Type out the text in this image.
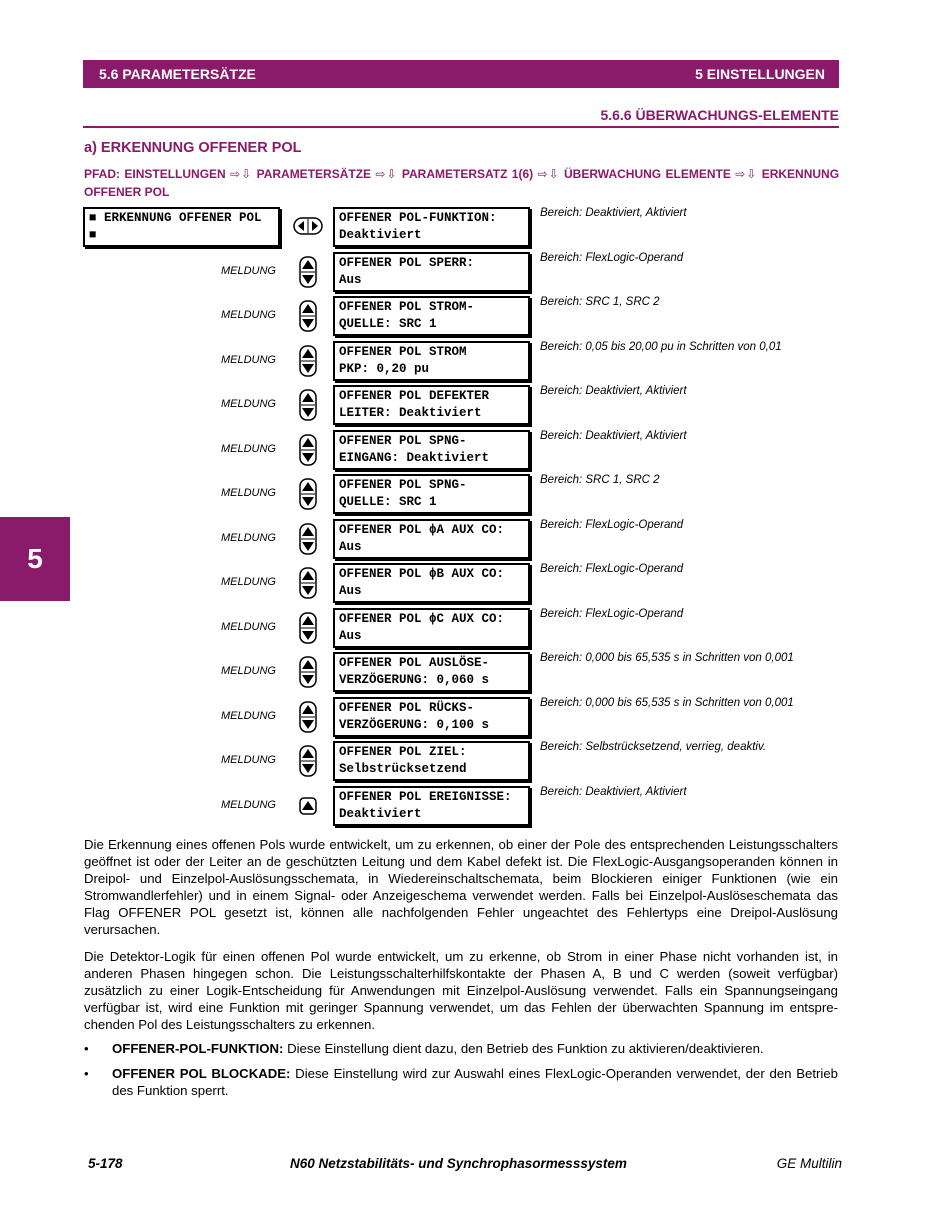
5.6 PARAMETERSÄTZE	5 EINSTELLUNGEN
5.6.6 ÜBERWACHUNGS-ELEMENTE
a) ERKENNUNG OFFENER POL
PFAD: EINSTELLUNGEN ⇨⇩ PARAMETERSÄTZE ⇨⇩ PARAMETERSATZ 1(6) ⇨⇩ ÜBERWACHUNG ELEMENTE ⇨⇩ ERKENNUNG OFFENER POL
5
■ ERKENNUNG OFFENER POL
■
OFFENER POL-FUNKTION:
Deaktiviert
Bereich: Deaktiviert, Aktiviert
MELDUNG
OFFENER POL SPERR:
Aus
Bereich: FlexLogic-Operand
MELDUNG
OFFENER POL STROM-
QUELLE: SRC 1
Bereich: SRC 1, SRC 2
MELDUNG
OFFENER POL STROM
PKP: 0,20 pu
Bereich: 0,05 bis 20,00 pu in Schritten von 0,01
MELDUNG
OFFENER POL DEFEKTER
LEITER: Deaktiviert
Bereich: Deaktiviert, Aktiviert
MELDUNG
OFFENER POL SPNG-
EINGANG: Deaktiviert
Bereich: Deaktiviert, Aktiviert
MELDUNG
OFFENER POL SPNG-
QUELLE: SRC 1
Bereich: SRC 1, SRC 2
MELDUNG
OFFENER POL ϕA AUX CO:
Aus
Bereich: FlexLogic-Operand
MELDUNG
OFFENER POL ϕB AUX CO:
Aus
Bereich: FlexLogic-Operand
MELDUNG
OFFENER POL ϕC AUX CO:
Aus
Bereich: FlexLogic-Operand
MELDUNG
OFFENER POL AUSLÖSE-
VERZÖGERUNG: 0,060 s
Bereich: 0,000 bis 65,535 s in Schritten von 0,001
MELDUNG
OFFENER POL RÜCKS-
VERZÖGERUNG: 0,100 s
Bereich: 0,000 bis 65,535 s in Schritten von 0,001
MELDUNG
OFFENER POL ZIEL:
Selbstrücksetzend
Bereich: Selbstrücksetzend, verrieg, deaktiv.
MELDUNG
OFFENER POL EREIGNISSE:
Deaktiviert
Bereich: Deaktiviert, Aktiviert
Die Erkennung eines offenen Pols wurde entwickelt, um zu erkennen, ob einer der Pole des entsprechenden Leistungsschalters geöffnet ist oder der Leiter an de geschützten Leitung und dem Kabel defekt ist. Die FlexLogic-Ausgangsoperanden können in Dreipol- und Einzelpol-Auslösungsschemata, in Wiedereinschaltschemata, beim Blockieren einiger Funktionen (wie ein Stromwandlerfehler) und in einem Signal- oder Anzeigeschema verwendet werden. Falls bei Einzelpol-Auslöseschemata das Flag OFFENER POL gesetzt ist, können alle nachfolgenden Fehler ungeachtet des Fehlertyps eine Dreipol-Auslösung verursachen.
Die Detektor-Logik für einen offenen Pol wurde entwickelt, um zu erkenne, ob Strom in einer Phase nicht vorhanden ist, in anderen Phasen hingegen schon. Die Leistungsschalterhilfskontakte der Phasen A, B und C werden (soweit verfügbar) zusätzlich zu einer Logik-Entscheidung für Anwendungen mit Einzelpol-Auslösung verwendet. Falls ein Spannungseingang verfügbar ist, wird eine Funktion mit geringer Spannung verwendet, um das Fehlen der überwachten Spannung im entsprechenden Pol des Leistungsschalters zu erkennen.
• OFFENER-POL-FUNKTION: Diese Einstellung dient dazu, den Betrieb des Funktion zu aktivieren/deaktivieren.
• OFFENER POL BLOCKADE: Diese Einstellung wird zur Auswahl eines FlexLogic-Operanden verwendet, der den Betrieb des Funktion sperrt.
5-178	N60 Netzstabilitäts- und Synchrophasormesssystem	GE Multilin
